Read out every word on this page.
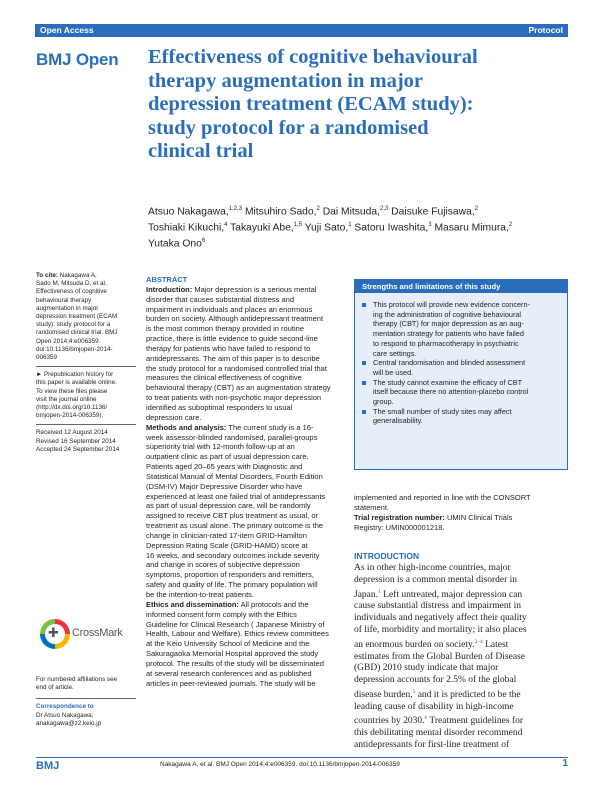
Open Access	Protocol
BMJ Open Effectiveness of cognitive behavioural
therapy augmentation in major
depression treatment (ECAM study):
study protocol for a randomised
clinical trial
Atsuo Nakagawa,$^{1,2,3}$ Mitsuhiro Sado,$^2$ Dai Mitsuda,$^{2,3}$ Daisuke Fujisawa,$^2$
Toshiaki Kikuchi,$^4$ Takayuki Abe,$^{1,5}$ Yuji Sato,$^1$ Satoru Iwashita,$^3$ Masaru Mimura,$^2$
Yutaka Ono$^6$
To cite: Nakagawa A,
Sado M, Mitsuda D, et al.
Effectiveness of cognitive
behavioural therapy
augmentation in major
depression treatment (ECAM
study): study protocol for a
randomised clinical trial. BMJ
Open 2014;4:e006359.
doi:10.1136/bmjopen-2014-
006359
► Prepublication history for
this paper is available online.
To view these files please
visit the journal online
(http://dx.doi.org/10.1136/
bmjopen-2014-006359).
Received 12 August 2014
Revised 16 September 2014
Accepted 24 September 2014
✚ CrossMark
For numbered affiliations see
end of article.
Correspondence to
Dr Atsuo Nakagawa;
anakagawa@z2.keio.jp
ABSTRACT
Introduction: Major depression is a serious mental
disorder that causes substantial distress and
impairment in individuals and places an enormous
burden on society. Although antidepressant treatment
is the most common therapy provided in routine
practice, there is little evidence to guide second-line
therapy for patients who have failed to respond to
antidepressants. The aim of this paper is to describe
the study protocol for a randomised controlled trial that
measures the clinical effectiveness of cognitive
behavioural therapy (CBT) as an augmentation strategy
to treat patients with non-psychotic major depression
identified as suboptimal responders to usual
depression care.
Methods and analysis: The current study is a 16-
week assessor-blinded randomised, parallel-groups
superiority trial with 12-month follow-up at an
outpatient clinic as part of usual depression care.
Patients aged 20–65 years with Diagnostic and
Statistical Manual of Mental Disorders, Fourth Edition
(DSM-IV) Major Depressive Disorder who have
experienced at least one failed trial of antidepressants
as part of usual depression care, will be randomly
assigned to receive CBT plus treatment as usual, or
treatment as usual alone. The primary outcome is the
change in clinician-rated 17-item GRID-Hamilton
Depression Rating Scale (GRID-HAMD) score at
16 weeks, and secondary outcomes include severity
and change in scores of subjective depression
symptoms, proportion of responders and remitters,
safety and quality of life. The primary population will
be the intention-to-treat patients.
Ethics and dissemination: All protocols and the
informed consent form comply with the Ethics
Guideline for Clinical Research ( Japanese Ministry of
Health, Labour and Welfare). Ethics review committees
at the Keio University School of Medicine and the
Sakuragaoka Memorial Hospital approved the study
protocol. The results of the study will be disseminated
at several research conferences and as published
articles in peer-reviewed journals. The study will be
Strengths and limitations of this study
This protocol will provide new evidence concern-
ing the administration of cognitive behavioural
therapy (CBT) for major depression as an aug-
mentation strategy for patients who have failed
to respond to pharmacotherapy in psychiatric
care settings.
Central randomisation and blinded assessment
will be used.
The study cannot examine the efficacy of CBT
itself because there no attention-placebo control
group.
The small number of study sites may affect
generalisability.
implemented and reported in line with the CONSORT
statement.
Trial registration number: UMIN Clinical Trials
Registry: UMIN000001218.
INTRODUCTION
As in other high-income countries, major
depression is a common mental disorder in
Japan.$^1$ Left untreated, major depression can
cause substantial distress and impairment in
individuals and negatively affect their quality
of life, morbidity and mortality; it also places
an enormous burden on society.$^{2-4}$ Latest
estimates from the Global Burden of Disease
(GBD) 2010 study indicate that major
depression accounts for 2.5% of the global
disease burden,$^5$ and it is predicted to be the
leading cause of disability in high-income
countries by 2030.$^6$ Treatment guidelines for
this debilitating mental disorder recommend
antidepressants for first-line treatment of
BMJ	Nakagawa A, et al. BMJ Open 2014;4:e006359. doi:10.1136/bmjopen-2014-006359	1
